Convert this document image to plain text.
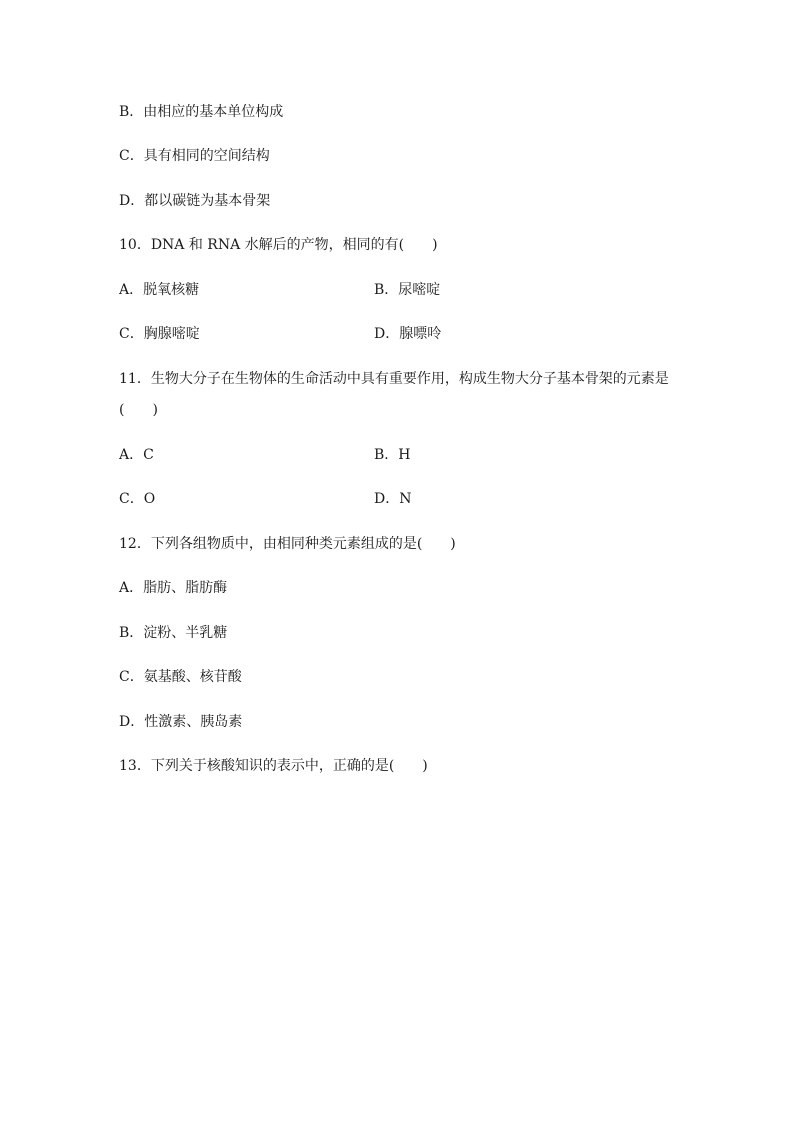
B．由相应的基本单位构成
C．具有相同的空间结构
D．都以碳链为基本骨架
10．DNA 和 RNA 水解后的产物，相同的有(　　)
A．脱氧核糖	B．尿嘧啶
C．胸腺嘧啶	D．腺嘌呤
11．生物大分子在生物体的生命活动中具有重要作用，构成生物大分子基本骨架的元素是
(　　)
A．C	B．H
C．O	D．N
12．下列各组物质中，由相同种类元素组成的是(　　)
A．脂肪、脂肪酶
B．淀粉、半乳糖
C．氨基酸、核苷酸
D．性激素、胰岛素
13．下列关于核酸知识的表示中，正确的是(　　)
